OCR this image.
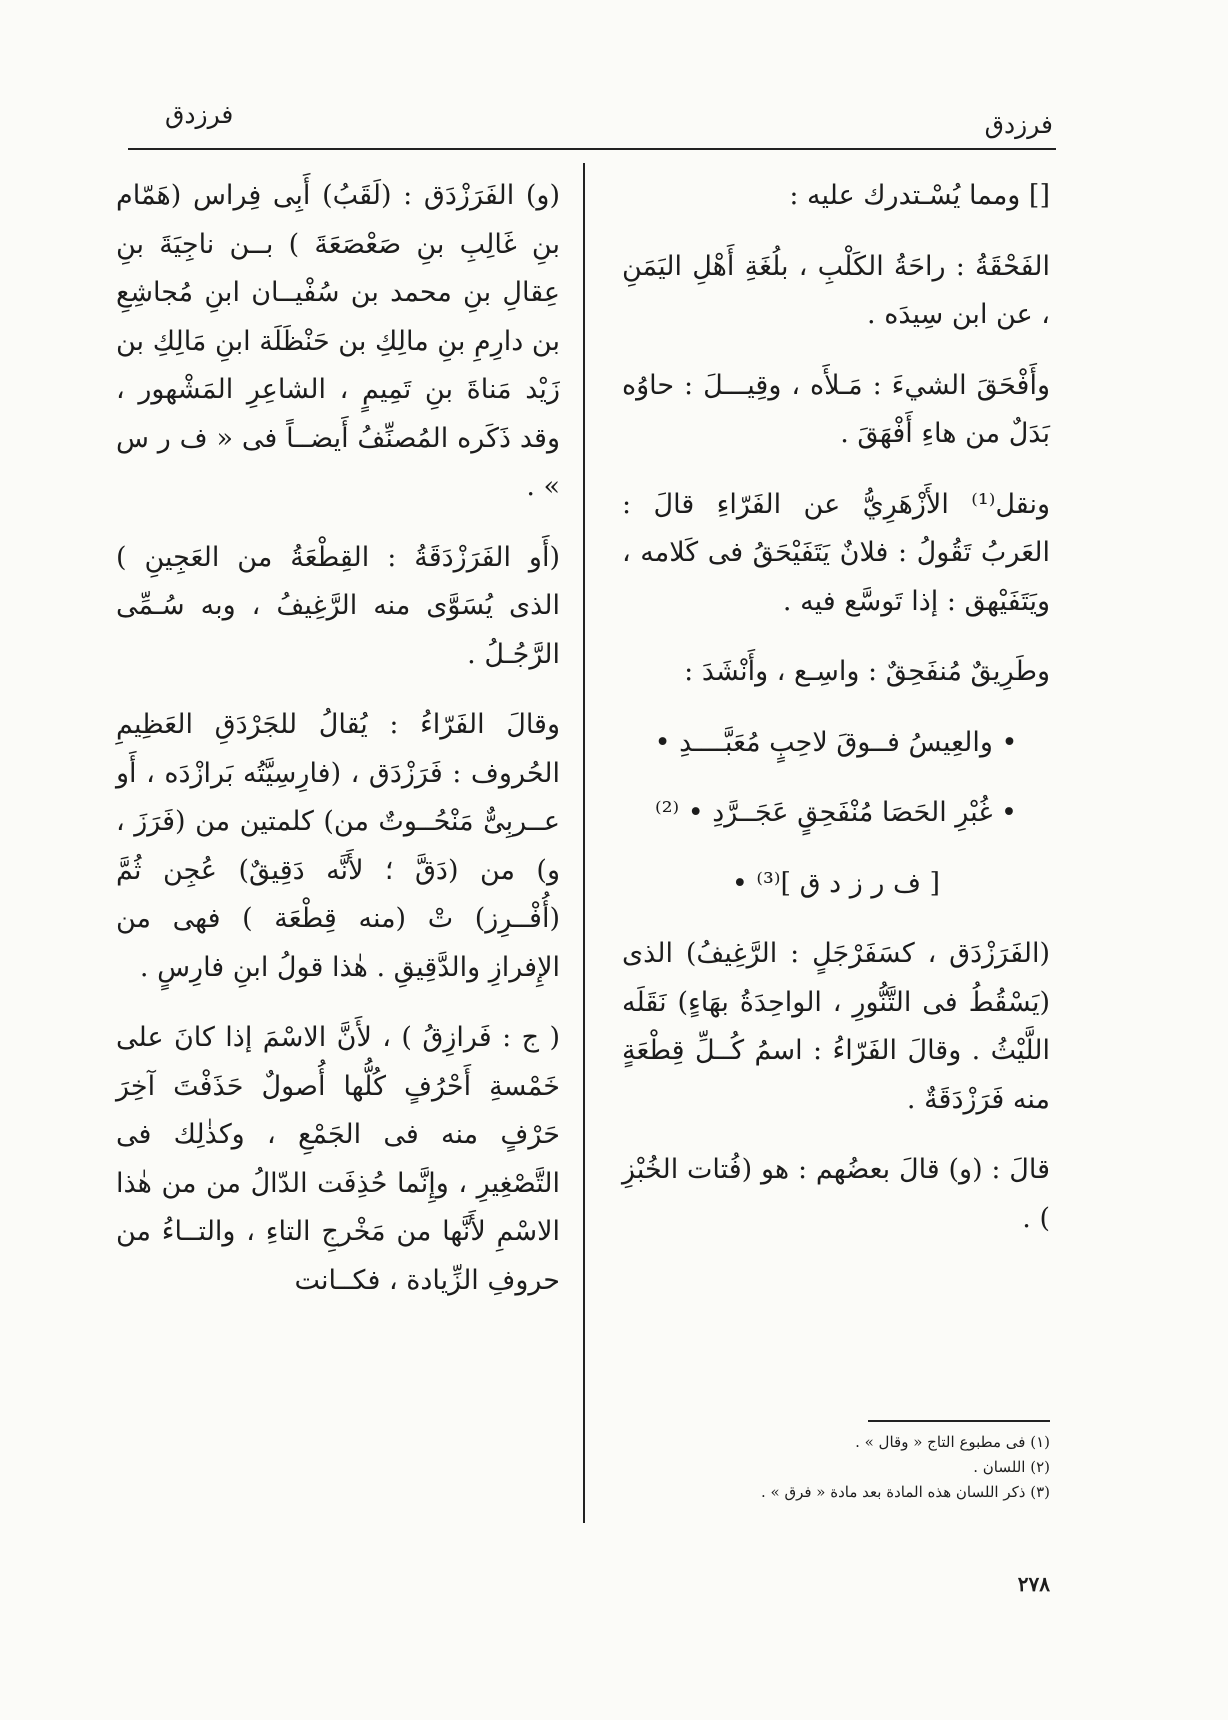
فرزدق	فرزدق

[] ومما يُسْـتدرك عليه :

الفَحْقَةُ : راحَةُ الكَلْبِ ، بلُغَةِ أَهْلِ اليَمَنِ ، عن ابن سِيدَه .

وأَفْحَقَ الشيءَ : مَـلأَه ، وقِيـــلَ : حاوُه بَدَلٌ من هاءِ أَفْهَقَ .

ونقل⁽¹⁾ الأَزْهَرِيُّ عن الفَرّاءِ قالَ : العَربُ تَقُولُ : فلانٌ يَتَفَيْحَقُ فى كَلامه ، ويَتَفَيْهق : إذا تَوسَّع فيه .

وطَرِيقٌ مُنفَحِقٌ : واسِـع ، وأَنْشَدَ :

• والعِيسُ فــوقَ لاحِبٍ مُعَبَّــــدِ •

• غُبْرِ الحَصَا مُنْفَحِقٍ عَجَــرَّدِ • ⁽²⁾

[ ف ر ز د ق ]⁽³⁾ •

(الفَرَزْدَق ، كسَفَرْجَلٍ : الرَّغِيفُ) الذى (يَسْقُطُ فى التَّنُّورِ ، الواحِدَةُ بهَاءٍ) نَقَلَه اللَّيْثُ . وقالَ الفَرّاءُ : اسمُ كُــلِّ قِطْعَةٍ منه فَرَزْدَقَةٌ .

قالَ : (و) قالَ بعضُهم : هو (فُتات الخُبْزِ ) .

(و) الفَرَزْدَق : (لَقَبُ) أَبِى فِراس (هَمّام بنِ غَالِبِ بنِ صَعْصَعَةَ ) بــن ناجِيَةَ بنِ عِقالِ بنِ محمد بن سُفْيــان ابنِ مُجاشِعِ بن دارِمِ بنِ مالِكِ بن حَنْظَلَة ابنِ مَالِكِ بن زَيْد مَناةَ بنِ تَمِيمٍ ، الشاعِرِ المَشْهور ، وقد ذَكَره المُصنِّفُ أَيضــاً فى « ف ر س » .

(أَو الفَرَزْدَقَةُ : القِطْعَةُ من العَجِينِ ) الذى يُسَوَّى منه الرَّغِيفُ ، وبه سُـمِّى الرَّجُـلُ .

وقالَ الفَرّاءُ : يُقالُ للجَرْدَقِ العَظِيمِ الحُروف : فَرَزْدَق ، (فارِسِيَّتُه بَرازْدَه ، أَو عــربِىٌّ مَنْحُــوتٌ من) كلمتين من (فَرَزَ ، و) من (دَقَّ ؛ لأَنَّه دَقِيقٌ) عُجِن ثُمَّ (أُفْــرِز) تْ (منه قِطْعَة ) فهى من الإِفرازِ والدَّقِيقِ . هٰذا قولُ ابنِ فارِسٍ .

( ج : فَرازِقُ ) ، لأَنَّ الاسْمَ إذا كانَ على خَمْسةِ أَحْرُفٍ كُلُّها أُصولٌ حَذَفْتَ آخِرَ حَرْفٍ منه فى الجَمْعِ ، وكذٰلِك فى التَّصْغِيرِ ، وإِنَّما حُذِفَت الدّالُ من من هٰذا الاسْمِ لأَنَّها من مَخْرجِ التاءِ ، والتــاءُ من حروفِ الزِّيادة ، فكــانت

(١) فى مطبوع التاج « وقال » .

(٢) اللسان .

(٣) ذكر اللسان هذه المادة بعد مادة « فرق » .

٢٧٨
